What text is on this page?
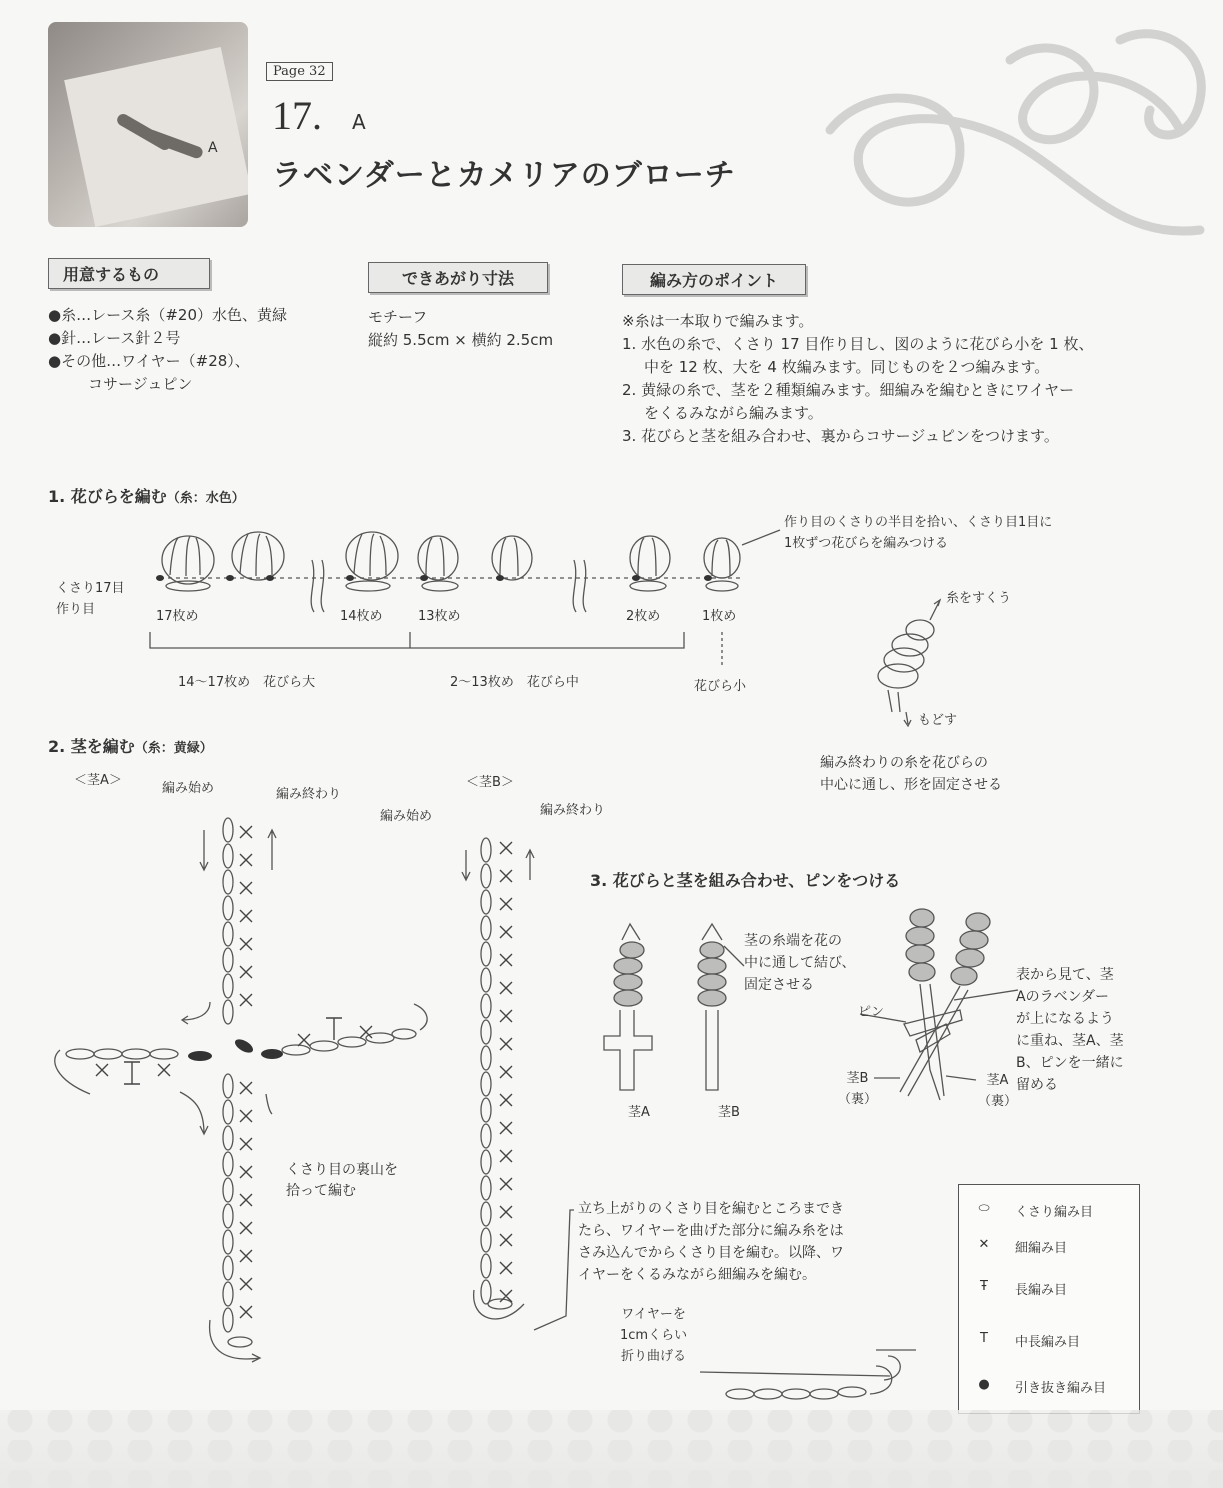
A
Page 32
17. A
ラベンダーとカメリアのブローチ
用意するもの
●糸…レース糸（#20）水色、黄緑
●針…レース針２号
●その他…ワイヤー（#28）、
コサージュピン
できあがり寸法
モチーフ
縦約 5.5cm × 横約 2.5cm
編み方のポイント
※糸は一本取りで編みます。
1. 水色の糸で、くさり 17 目作り目し、図のように花びら小を 1 枚、
中を 12 枚、大を 4 枚編みます。同じものを２つ編みます。
2. 黄緑の糸で、茎を２種類編みます。細編みを編むときにワイヤー
をくるみながら編みます。
3. 花びらと茎を組み合わせ、裏からコサージュピンをつけます。
1. 花びらを編む（糸：水色）
くさり17目
作り目	17枚め	14枚め	13枚め	2枚め	1枚め
14〜17枚め　花びら大	2〜13枚め　花びら中	花びら小
作り目のくさりの半目を拾い、くさり目1目に
1枚ずつ花びらを編みつける
糸をすくう
もどす
編み終わりの糸を花びらの
中心に通し、形を固定させる
2. 茎を編む（糸：黄緑）
＜茎A＞
編み始め	編み終わり
＜茎B＞
編み始め	編み終わり
くさり目の裏山を
拾って編む
立ち上がりのくさり目を編むところまでき
たら、ワイヤーを曲げた部分に編み糸をは
さみ込んでからくさり目を編む。以降、ワ
イヤーをくるみながら細編みを編む。
ワイヤーを
1cmくらい
折り曲げる
3. 花びらと茎を組み合わせ、ピンをつける
茎の糸端を花の
中に通して結び、
固定させる
茎A	茎B
ピン
表から見て、茎
Aのラベンダー
が上になるよう
に重ね、茎A、茎
B、ピンを一緒に
留める
茎B
（裏）
茎A
（裏）
⬭	くさり編み目
✕	細編み目
Ŧ	長編み目
T	中長編み目
●	引き抜き編み目
